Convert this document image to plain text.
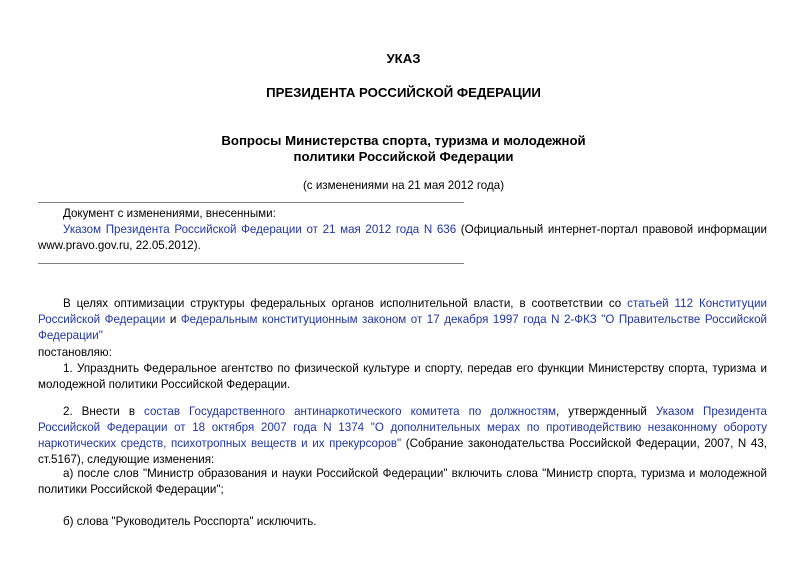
УКАЗ
ПРЕЗИДЕНТА РОССИЙСКОЙ ФЕДЕРАЦИИ
Вопросы Министерства спорта, туризма и молодежной
политики Российской Федерации
(с изменениями на 21 мая 2012 года)
Документ с изменениями, внесенными:
Указом Президента Российской Федерации от 21 мая 2012 года N 636 (Официальный интернет-портал правовой информации www.pravo.gov.ru, 22.05.2012).
В целях оптимизации структуры федеральных органов исполнительной власти, в соответствии со статьей 112 Конституции Российской Федерации и Федеральным конституционным законом от 17 декабря 1997 года N 2-ФКЗ "О Правительстве Российской Федерации"
постановляю:
1. Упразднить Федеральное агентство по физической культуре и спорту, передав его функции Министерству спорта, туризма и молодежной политики Российской Федерации.
2. Внести в состав Государственного антинаркотического комитета по должностям, утвержденный Указом Президента Российской Федерации от 18 октября 2007 года N 1374 "О дополнительных мерах по противодействию незаконному обороту наркотических средств, психотропных веществ и их прекурсоров" (Собрание законодательства Российской Федерации, 2007, N 43, ст.5167), следующие изменения:
а) после слов "Министр образования и науки Российской Федерации" включить слова "Министр спорта, туризма и молодежной политики Российской Федерации";
б) слова "Руководитель Росспорта" исключить.
